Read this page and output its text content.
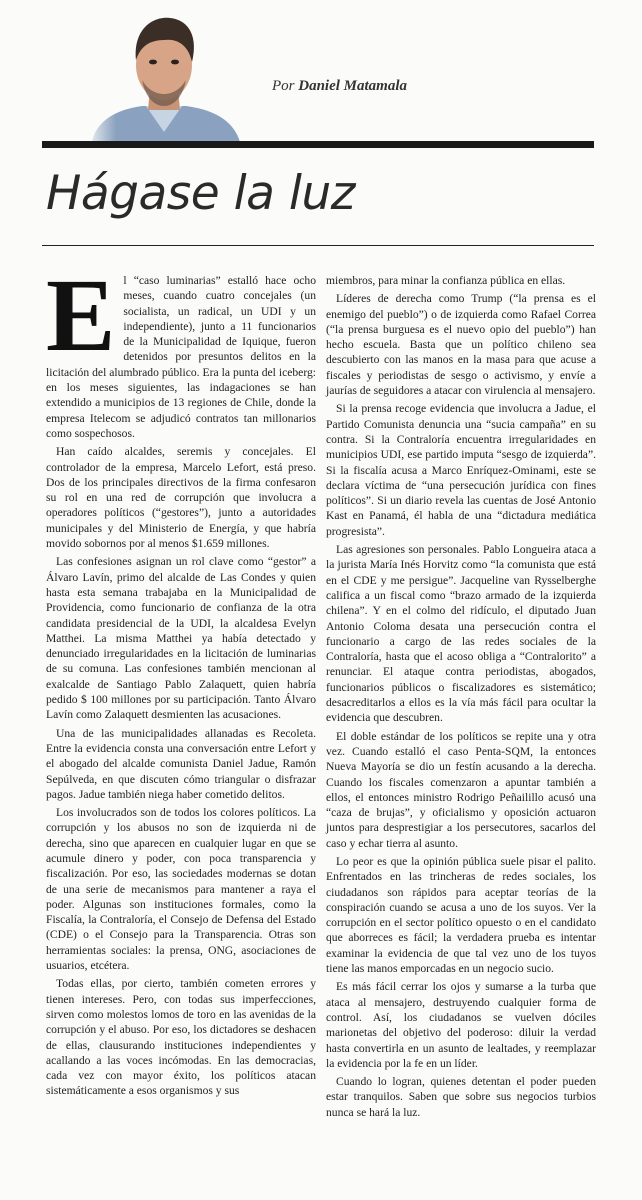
Por Daniel Matamala
Hágase la luz

El “caso luminarias” estalló hace ocho meses, cuando cuatro concejales (un socialista, un radical, un UDI y un independiente), junto a 11 funcionarios de la Municipalidad de Iquique, fueron detenidos por presuntos delitos en la licitación del alumbrado público. Era la punta del iceberg: en los meses siguientes, las indagaciones se han extendido a municipios de 13 regiones de Chile, donde la empresa Itelecom se adjudicó contratos tan millonarios como sospechosos.

Han caído alcaldes, seremis y concejales. El controlador de la empresa, Marcelo Lefort, está preso. Dos de los principales directivos de la firma confesaron su rol en una red de corrupción que involucra a operadores políticos (“gestores”), junto a autoridades municipales y del Ministerio de Energía, y que habría movido sobornos por al menos $1.659 millones.

Las confesiones asignan un rol clave como “gestor” a Álvaro Lavín, primo del alcalde de Las Condes y quien hasta esta semana trabajaba en la Municipalidad de Providencia, como funcionario de confianza de la otra candidata presidencial de la UDI, la alcaldesa Evelyn Matthei. La misma Matthei ya había detectado y denunciado irregularidades en la licitación de luminarias de su comuna. Las confesiones también mencionan al exalcalde de Santiago Pablo Zalaquett, quien habría pedido $ 100 millones por su participación. Tanto Álvaro Lavín como Zalaquett desmienten las acusaciones.

Una de las municipalidades allanadas es Recoleta. Entre la evidencia consta una conversación entre Lefort y el abogado del alcalde comunista Daniel Jadue, Ramón Sepúlveda, en que discuten cómo triangular o disfrazar pagos. Jadue también niega haber cometido delitos.

Los involucrados son de todos los colores políticos. La corrupción y los abusos no son de izquierda ni de derecha, sino que aparecen en cualquier lugar en que se acumule dinero y poder, con poca transparencia y fiscalización. Por eso, las sociedades modernas se dotan de una serie de mecanismos para mantener a raya el poder. Algunas son instituciones formales, como la Fiscalía, la Contraloría, el Consejo de Defensa del Estado (CDE) o el Consejo para la Transparencia. Otras son herramientas sociales: la prensa, ONG, asociaciones de usuarios, etcétera.

Todas ellas, por cierto, también cometen errores y tienen intereses. Pero, con todas sus imperfecciones, sirven como molestos lomos de toro en las avenidas de la corrupción y el abuso. Por eso, los dictadores se deshacen de ellas, clausurando instituciones independientes y acallando a las voces incómodas. En las democracias, cada vez con mayor éxito, los políticos atacan sistemáticamente a esos organismos y sus

miembros, para minar la confianza pública en ellas.

Líderes de derecha como Trump (“la prensa es el enemigo del pueblo”) o de izquierda como Rafael Correa (“la prensa burguesa es el nuevo opio del pueblo”) han hecho escuela. Basta que un político chileno sea descubierto con las manos en la masa para que acuse a fiscales y periodistas de sesgo o activismo, y envíe a jaurías de seguidores a atacar con virulencia al mensajero.

Si la prensa recoge evidencia que involucra a Jadue, el Partido Comunista denuncia una “sucia campaña” en su contra. Si la Contraloría encuentra irregularidades en municipios UDI, ese partido imputa “sesgo de izquierda”. Si la fiscalía acusa a Marco Enríquez-Ominami, este se declara víctima de “una persecución jurídica con fines políticos”. Si un diario revela las cuentas de José Antonio Kast en Panamá, él habla de una “dictadura mediática progresista”.

Las agresiones son personales. Pablo Longueira ataca a la jurista María Inés Horvitz como “la comunista que está en el CDE y me persigue”. Jacqueline van Rysselberghe califica a un fiscal como “brazo armado de la izquierda chilena”. Y en el colmo del ridículo, el diputado Juan Antonio Coloma desata una persecución contra el funcionario a cargo de las redes sociales de la Contraloría, hasta que el acoso obliga a “Contralorito” a renunciar. El ataque contra periodistas, abogados, funcionarios públicos o fiscalizadores es sistemático; desacreditarlos a ellos es la vía más fácil para ocultar la evidencia que descubren.

El doble estándar de los políticos se repite una y otra vez. Cuando estalló el caso Penta-SQM, la entonces Nueva Mayoría se dio un festín acusando a la derecha. Cuando los fiscales comenzaron a apuntar también a ellos, el entonces ministro Rodrigo Peñailillo acusó una “caza de brujas”, y oficialismo y oposición actuaron juntos para desprestigiar a los persecutores, sacarlos del caso y echar tierra al asunto.

Lo peor es que la opinión pública suele pisar el palito. Enfrentados en las trincheras de redes sociales, los ciudadanos son rápidos para aceptar teorías de la conspiración cuando se acusa a uno de los suyos. Ver la corrupción en el sector político opuesto o en el candidato que aborreces es fácil; la verdadera prueba es intentar examinar la evidencia de que tal vez uno de los tuyos tiene las manos emporcadas en un negocio sucio.

Es más fácil cerrar los ojos y sumarse a la turba que ataca al mensajero, destruyendo cualquier forma de control. Así, los ciudadanos se vuelven dóciles marionetas del objetivo del poderoso: diluir la verdad hasta convertirla en un asunto de lealtades, y reemplazar la evidencia por la fe en un líder.

Cuando lo logran, quienes detentan el poder pueden estar tranquilos. Saben que sobre sus negocios turbios nunca se hará la luz.
